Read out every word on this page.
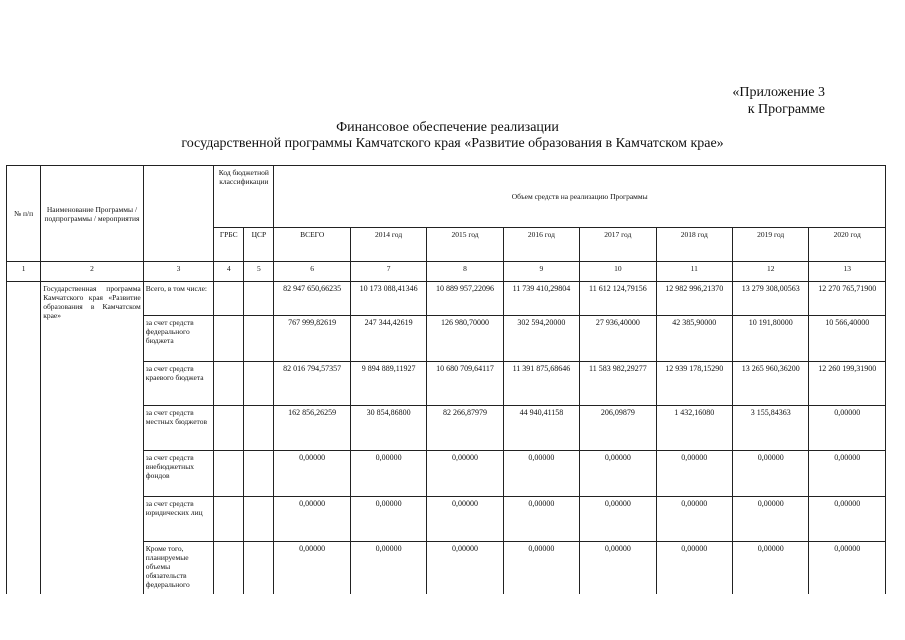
«Приложение 3
к Программе
Финансовое обеспечение реализации
государственной программы Камчатского края «Развитие образования в Камчатском крае»
№ п/п	Наименование Программы / подпрограммы / мероприятия		Код бюджетной классификации		Объем средств на реализацию Программы							
			ГРБС	ЦСР	ВСЕГО	2014 год	2015 год	2016 год	2017 год	2018 год	2019 год	2020 год
1	2	3	4	5	6	7	8	9	10	11	12	13
	Государственная программа Камчатского края «Развитие образования в Камчатском крае»	Всего, в том числе:			82 947 650,66235	10 173 088,41346	10 889 957,22096	11 739 410,29804	11 612 124,79156	12 982 996,21370	13 279 308,00563	12 270 765,71900
		за счет средств федерального бюджета			767 999,82619	247 344,42619	126 980,70000	302 594,20000	27 936,40000	42 385,90000	10 191,80000	10 566,40000
		за счет средств краевого бюджета			82 016 794,57357	9 894 889,11927	10 680 709,64117	11 391 875,68646	11 583 982,29277	12 939 178,15290	13 265 960,36200	12 260 199,31900
		за счет средств местных бюджетов			162 856,26259	30 854,86800	82 266,87979	44 940,41158	206,09879	1 432,16080	3 155,84363	0,00000
		за счет средств внебюджетных фондов			0,00000	0,00000	0,00000	0,00000	0,00000	0,00000	0,00000	0,00000
		за счет средств юридических лиц			0,00000	0,00000	0,00000	0,00000	0,00000	0,00000	0,00000	0,00000
		Кроме того, планируемые объемы обязательств федерального			0,00000	0,00000	0,00000	0,00000	0,00000	0,00000	0,00000	0,00000
